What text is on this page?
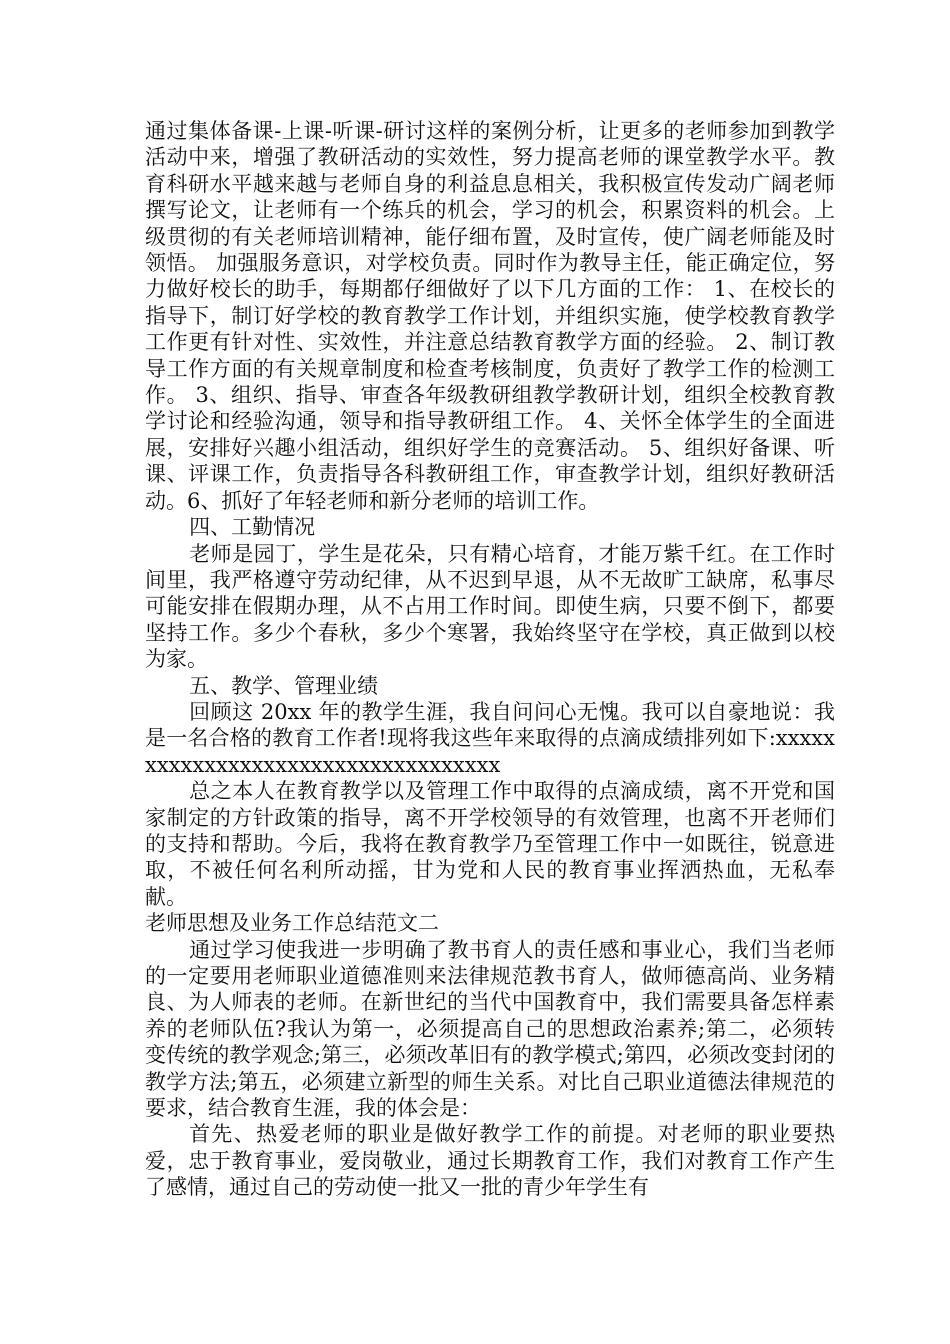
通过集体备课-上课-听课-研讨这样的案例分析，让更多的老师参加到教学活动中来，增强了教研活动的实效性，努力提高老师的课堂教学水平。教育科研水平越来越与老师自身的利益息息相关，我积极宣传发动广阔老师撰写论文，让老师有一个练兵的机会，学习的机会，积累资料的机会。上级贯彻的有关老师培训精神，能仔细布置，及时宣传，使广阔老师能及时领悟。 加强服务意识，对学校负责。同时作为教导主任，能正确定位，努力做好校长的助手，每期都仔细做好了以下几方面的工作： 1、在校长的指导下，制订好学校的教育教学工作计划，并组织实施，使学校教育教学工作更有针对性、实效性，并注意总结教育教学方面的经验。 2、制订教导工作方面的有关规章制度和检查考核制度，负责好了教学工作的检测工作。 3、组织、指导、审查各年级教研组教学教研计划，组织全校教育教学讨论和经验沟通，领导和指导教研组工作。 4、关怀全体学生的全面进展，安排好兴趣小组活动，组织好学生的竞赛活动。 5、组织好备课、听课、评课工作，负责指导各科教研组工作，审查教学计划，组织好教研活动。6、抓好了年轻老师和新分老师的培训工作。

四、工勤情况

老师是园丁，学生是花朵，只有精心培育，才能万紫千红。在工作时间里，我严格遵守劳动纪律，从不迟到早退，从不无故旷工缺席，私事尽可能安排在假期办理，从不占用工作时间。即使生病，只要不倒下，都要坚持工作。多少个春秋，多少个寒署，我始终坚守在学校，真正做到以校为家。

五、教学、管理业绩

回顾这 20xx 年的教学生涯，我自问问心无愧。我可以自豪地说：我是一名合格的教育工作者!现将我这些年来取得的点滴成绩排列如下:xxxxxxxxxxxxxxxxxxxxxxxxxxxxxxxxxxx

总之本人在教育教学以及管理工作中取得的点滴成绩，离不开党和国家制定的方针政策的指导，离不开学校领导的有效管理，也离不开老师们的支持和帮助。今后，我将在教育教学乃至管理工作中一如既往，锐意进取，不被任何名利所动摇，甘为党和人民的教育事业挥洒热血，无私奉献。

老师思想及业务工作总结范文二

通过学习使我进一步明确了教书育人的责任感和事业心，我们当老师的一定要用老师职业道德准则来法律规范教书育人，做师德高尚、业务精良、为人师表的老师。在新世纪的当代中国教育中，我们需要具备怎样素养的老师队伍?我认为第一，必须提高自己的思想政治素养;第二，必须转变传统的教学观念;第三，必须改革旧有的教学模式;第四，必须改变封闭的教学方法;第五，必须建立新型的师生关系。对比自己职业道德法律规范的要求，结合教育生涯，我的体会是：

首先、热爱老师的职业是做好教学工作的前提。对老师的职业要热爱，忠于教育事业，爱岗敬业，通过长期教育工作，我们对教育工作产生了感情，通过自己的劳动使一批又一批的青少年学生有
